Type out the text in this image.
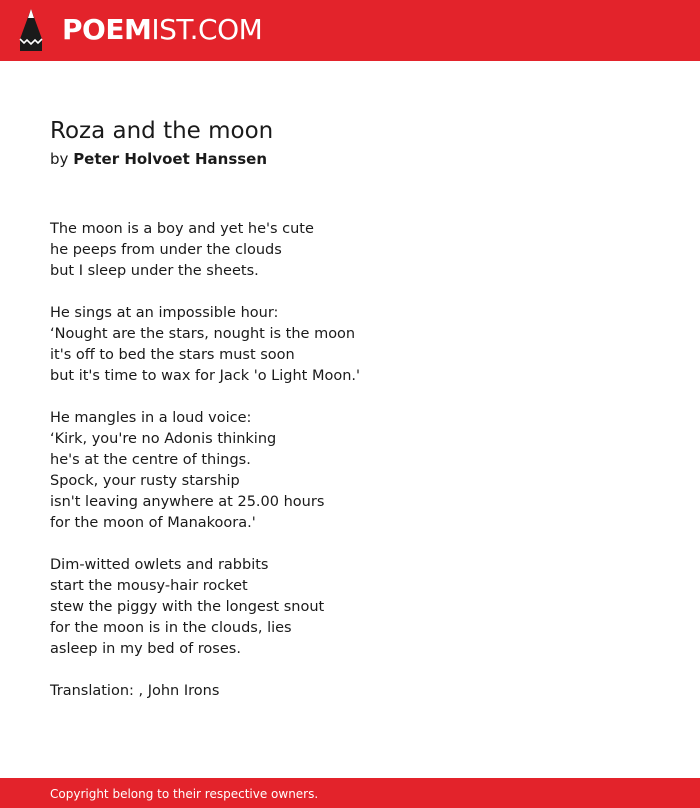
POEMIST.COM
Roza and the moon
by Peter Holvoet Hanssen
The moon is a boy and yet he's cute
he peeps from under the clouds
but I sleep under the sheets.
He sings at an impossible hour:
‘Nought are the stars, nought is the moon
it's off to bed the stars must soon
but it's time to wax for Jack 'o Light Moon.'
He mangles in a loud voice:
‘Kirk, you're no Adonis thinking
he's at the centre of things.
Spock, your rusty starship
isn't leaving anywhere at 25.00 hours
for the moon of Manakoora.'
Dim-witted owlets and rabbits
start the mousy-hair rocket
stew the piggy with the longest snout
for the moon is in the clouds, lies
asleep in my bed of roses.
Translation: , John Irons
Copyright belong to their respective owners.
